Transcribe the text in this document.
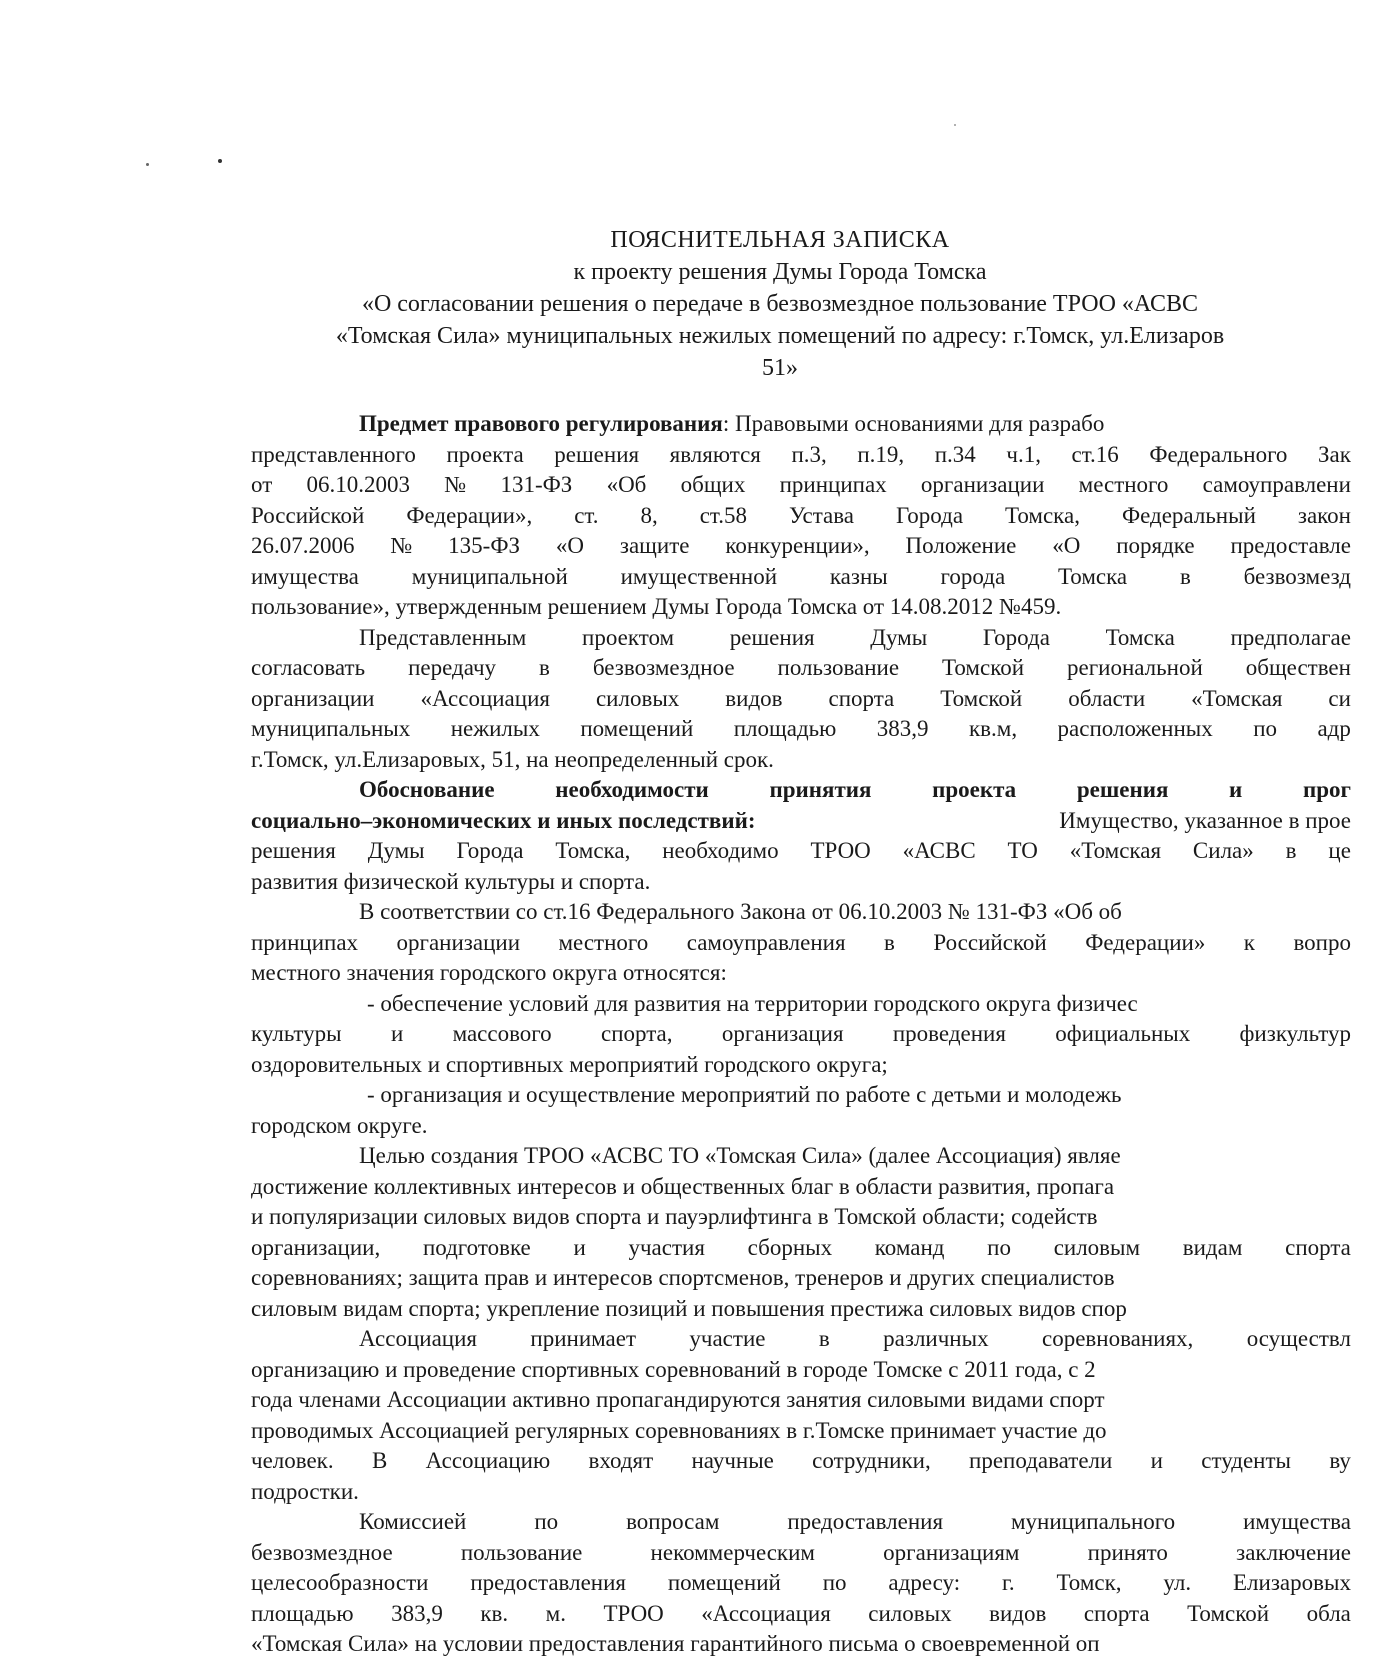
ПОЯСНИТЕЛЬНАЯ ЗАПИСКА
к проекту решения Думы Города Томска
«О согласовании решения о передаче в безвозмездное пользование ТРОО «АСВС
«Томская Сила» муниципальных нежилых помещений по адресу: г.Томск, ул.Елизаров
51»
Предмет правового регулирования: Правовыми основаниями для разрабо
представленного проекта решения являются п.3, п.19, п.34 ч.1, ст.16 Федерального Зак
от 06.10.2003 № 131-ФЗ «Об общих принципах организации местного самоуправлени
Российской Федерации», ст. 8, ст.58 Устава Города Томска, Федеральный закон
26.07.2006 № 135-ФЗ «О защите конкуренции», Положение «О порядке предоставле
имущества муниципальной имущественной казны города Томска в безвозмезд
пользование», утвержденным решением Думы Города Томска от 14.08.2012 №459.
Представленным проектом решения Думы Города Томска предполагае
согласовать передачу в безвозмездное пользование Томской региональной обществен
организации «Ассоциация силовых видов спорта Томской области «Томская си
муниципальных нежилых помещений площадью 383,9 кв.м, расположенных по адр
г.Томск, ул.Елизаровых, 51, на неопределенный срок.
Обоснование	необходимости	принятия	проекта	решения	и	прог
социально–экономических и иных последствий:	Имущество, указанное в прое
решения Думы Города Томска, необходимо ТРОО «АСВС ТО «Томская Сила» в це
развития физической культуры и спорта.
В соответствии со ст.16 Федерального Закона от 06.10.2003 № 131-ФЗ «Об об
принципах организации местного самоуправления в Российской Федерации» к вопро
местного значения городского округа относятся:
- обеспечение условий для развития на территории городского округа физичес
культуры и массового спорта, организация проведения официальных физкультур
оздоровительных и спортивных мероприятий городского округа;
- организация и осуществление мероприятий по работе с детьми и молодежь
городском округе.
Целью создания ТРОО «АСВС ТО «Томская Сила» (далее Ассоциация) являе
достижение коллективных интересов и общественных благ в области развития, пропага
и популяризации силовых видов спорта и пауэрлифтинга в Томской области; содейств
организации, подготовке и участия сборных команд по силовым видам спорта
соревнованиях; защита прав и интересов спортсменов, тренеров и других специалистов
силовым видам спорта; укрепление позиций и повышения престижа силовых видов спор
Ассоциация принимает участие в различных соревнованиях, осуществл
организацию и проведение спортивных соревнований в городе Томске с 2011 года, с 2
года членами Ассоциации активно пропагандируются занятия силовыми видами спорт
проводимых Ассоциацией регулярных соревнованиях в г.Томске принимает участие до
человек. В Ассоциацию входят научные сотрудники, преподаватели и студенты ву
подростки.
Комиссией	по	вопросам	предоставления	муниципального	имущества
безвозмездное	пользование	некоммерческим	организациям	принято	заключение
целесообразности предоставления помещений по адресу: г. Томск, ул. Елизаровых
площадью 383,9 кв. м. ТРОО «Ассоциация силовых видов спорта Томской обла
«Томская Сила» на условии предоставления гарантийного письма о своевременной оп
